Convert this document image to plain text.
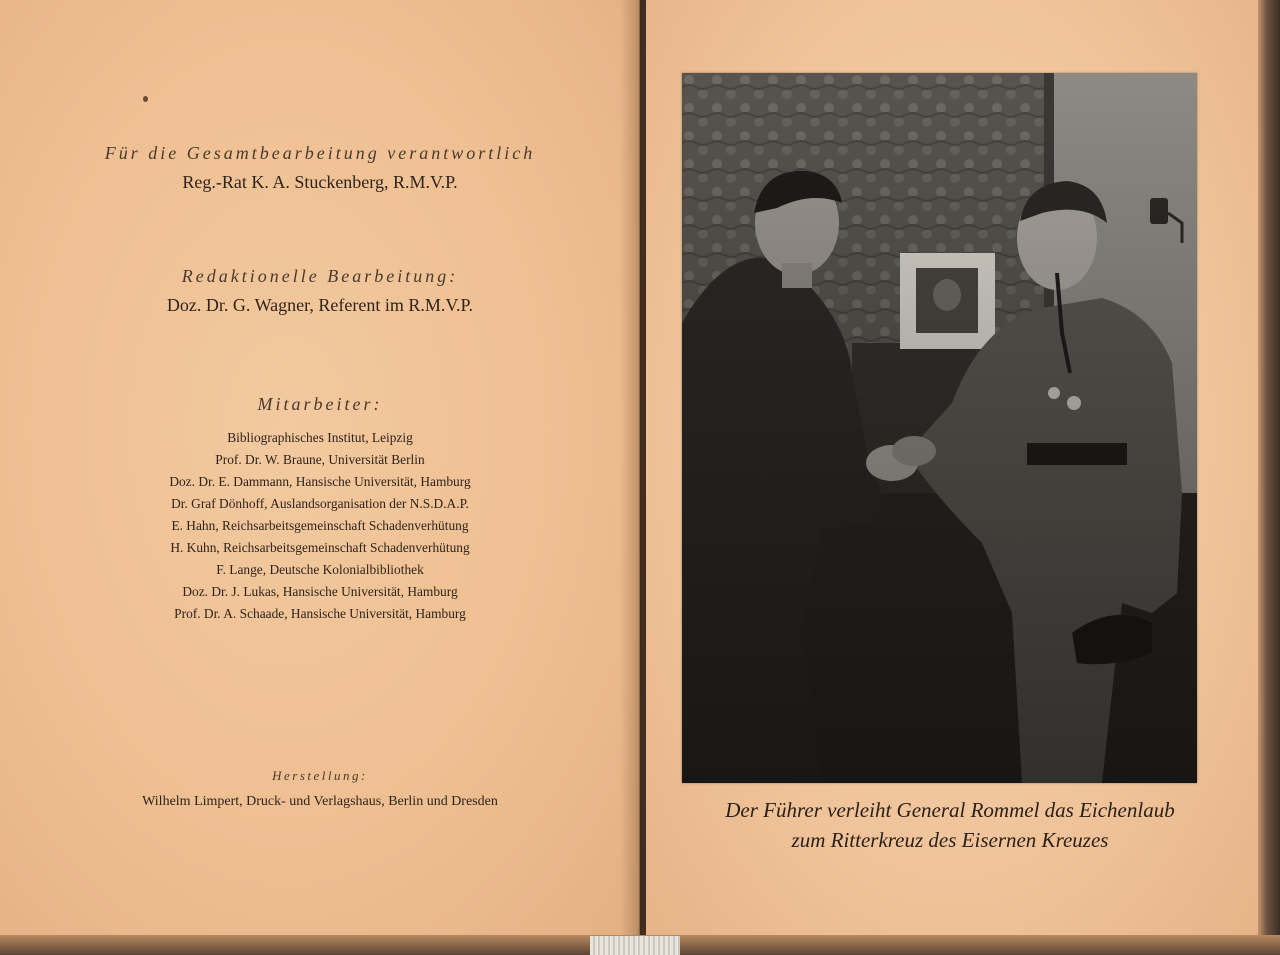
Für die Gesamtbearbeitung verantwortlich
Reg.-Rat K. A. Stuckenberg, R.M.V.P.
Redaktionelle Bearbeitung:
Doz. Dr. G. Wagner, Referent im R.M.V.P.
Mitarbeiter:
Bibliographisches Institut, Leipzig
Prof. Dr. W. Braune, Universität Berlin
Doz. Dr. E. Dammann, Hansische Universität, Hamburg
Dr. Graf Dönhoff, Auslandsorganisation der N.S.D.A.P.
E. Hahn, Reichsarbeitsgemeinschaft Schadenverhütung
H. Kuhn, Reichsarbeitsgemeinschaft Schadenverhütung
F. Lange, Deutsche Kolonialbibliothek
Doz. Dr. J. Lukas, Hansische Universität, Hamburg
Prof. Dr. A. Schaade, Hansische Universität, Hamburg
Herstellung:
Wilhelm Limpert, Druck- und Verlagshaus, Berlin und Dresden	Der Führer verleiht General Rommel das Eichenlaub
zum Ritterkreuz des Eisernen Kreuzes
